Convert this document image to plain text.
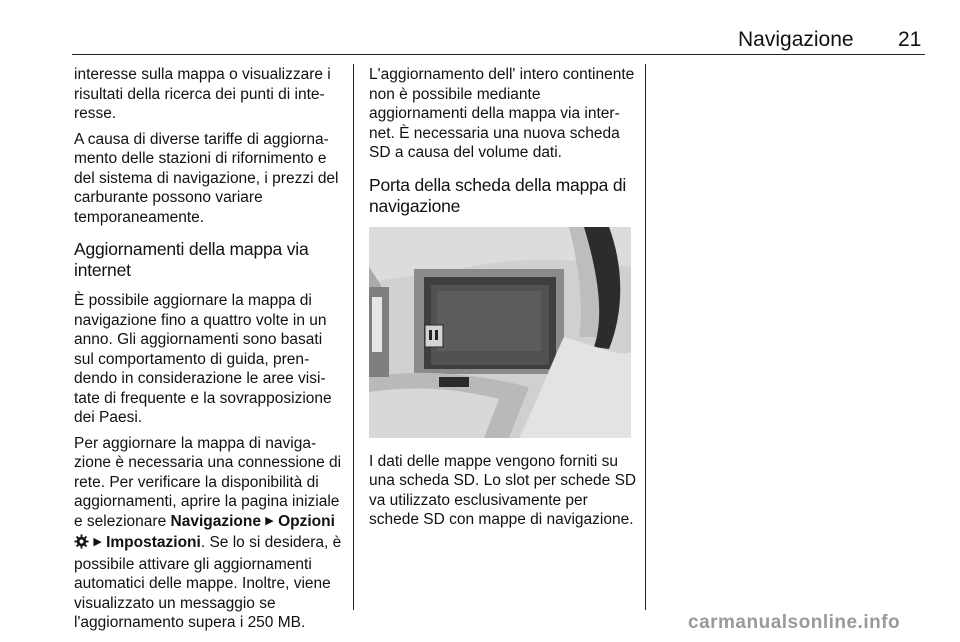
Navigazione 21

interesse sulla mappa o visualizzare i risultati della ricerca dei punti di interesse.

A causa di diverse tariffe di aggiornamento delle stazioni di rifornimento e del sistema di navigazione, i prezzi del carburante possono variare temporaneamente.

Aggiornamenti della mappa via internet

È possibile aggiornare la mappa di navigazione fino a quattro volte in un anno. Gli aggiornamenti sono basati sul comportamento di guida, prendendo in considerazione le aree visitate di frequente e la sovrapposizione dei Paesi.

Per aggiornare la mappa di navigazione è necessaria una connessione di rete. Per verificare la disponibilità di aggiornamenti, aprire la pagina iniziale e selezionare Navigazione ▶ Opzioni  ▶ Impostazioni. Se lo si desidera, è possibile attivare gli aggiornamenti automatici delle mappe. Inoltre, viene visualizzato un messaggio se l'aggiornamento supera i 250 MB.

L'aggiornamento dell' intero continente non è possibile mediante aggiornamenti della mappa via internet. È necessaria una nuova scheda SD a causa del volume dati.

Porta della scheda della mappa di navigazione

I dati delle mappe vengono forniti su una scheda SD. Lo slot per schede SD va utilizzato esclusivamente per schede SD con mappe di navigazione.

carmanualsonline.info
